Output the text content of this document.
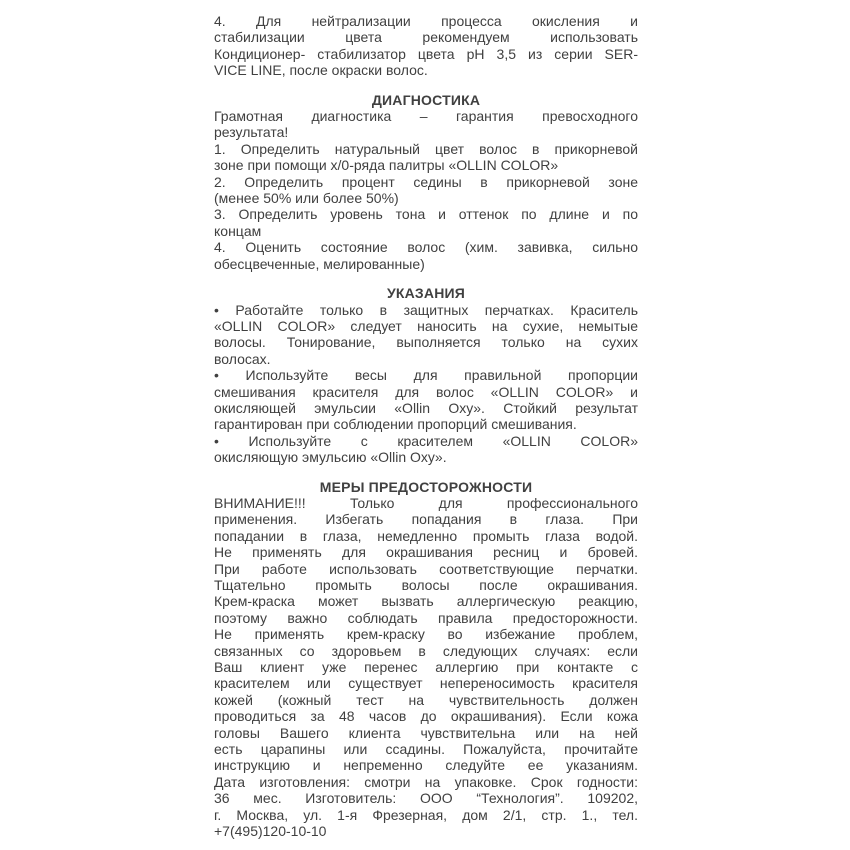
4. Для нейтрализации процесса окисления и
стабилизации цвета рекомендуем использовать
Кондиционер- стабилизатор цвета pH 3,5 из серии SER-
VICE LINE, после окраски волос.
ДИАГНОСТИКА
Грамотная диагностика – гарантия превосходного
результата!
1. Определить натуральный цвет волос в прикорневой
зоне при помощи х/0-ряда палитры «OLLIN COLOR»
2. Определить процент седины в прикорневой зоне
(менее 50% или более 50%)
3. Определить уровень тона и оттенок по длине и по
концам
4. Оценить состояние волос (хим. завивка, сильно
обесцвеченные, мелированные)
УКАЗАНИЯ
• Работайте только в защитных перчатках. Краситель
«OLLIN COLOR» следует наносить на сухие, немытые
волосы. Тонирование, выполняется только на сухих
волосах.
• Используйте весы для правильной пропорции
смешивания красителя для волос «OLLIN COLOR» и
окисляющей эмульсии «Ollin Oxy». Стойкий результат
гарантирован при соблюдении пропорций смешивания.
• Используйте с красителем «OLLIN COLOR»
окисляющую эмульсию «Ollin Oxy».
МЕРЫ ПРЕДОСТОРОЖНОСТИ
ВНИМАНИЕ!!! Только для профессионального
применения. Избегать попадания в глаза. При
попадании в глаза, немедленно промыть глаза водой.
Не применять для окрашивания ресниц и бровей.
При работе использовать соответствующие перчатки.
Тщательно промыть волосы после окрашивания.
Крем-краска может вызвать аллергическую реакцию,
поэтому важно соблюдать правила предосторожности.
Не применять крем-краску во избежание проблем,
связанных со здоровьем в следующих случаях: если
Ваш клиент уже перенес аллергию при контакте с
красителем или существует непереносимость красителя
кожей (кожный тест на чувствительность должен
проводиться за 48 часов до окрашивания). Если кожа
головы Вашего клиента чувствительна или на ней
есть царапины или ссадины. Пожалуйста, прочитайте
инструкцию и непременно следуйте ее указаниям.
Дата изготовления: смотри на упаковке. Срок годности:
36 мес. Изготовитель: ООО “Технология”. 109202,
г. Москва, ул. 1-я Фрезерная, дом 2/1, стр. 1., тел.
+7(495)120-10-10
